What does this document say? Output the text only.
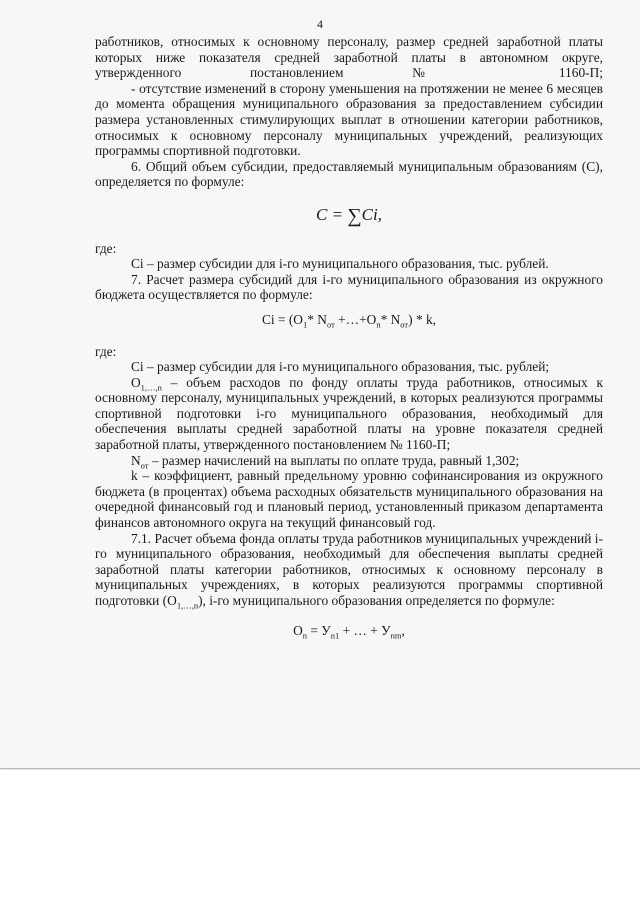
4

работников, относимых к основному персоналу, размер средней заработной платы которых ниже показателя средней заработной платы в автономном округе, утвержденного постановлением № 1160-П;

- отсутствие изменений в сторону уменьшения на протяжении не менее 6 месяцев до момента обращения муниципального образования за предоставлением субсидии размера установленных стимулирующих выплат в отношении категории работников, относимых к основному персоналу муниципальных учреждений, реализующих программы спортивной подготовки.

6. Общий объем субсидии, предоставляемый муниципальным образованиям (С), определяется по формуле:

C = ∑Ci,

где:

Ci – размер субсидии для i-го муниципального образования, тыс. рублей.

7. Расчет размера субсидий для i-го муниципального образования из окружного бюджета осуществляется по формуле:

$Ci = (O_1*$ $N_{от}$ $+\dots+O_n*$ $N_{от}$) * k,

где:

Ci – размер субсидии для i-го муниципального образования, тыс. рублей;

$O_{1,\dots,n}$ – объем расходов по фонду оплаты труда работников, относимых к основному персоналу, муниципальных учреждений, в которых реализуются программы спортивной подготовки i-го муниципального образования, необходимый для обеспечения выплаты средней заработной платы на уровне показателя средней заработной платы, утвержденного постановлением № 1160-П;

$N_{от}$ – размер начислений на выплаты по оплате труда, равный 1,302;

k – коэффициент, равный предельному уровню софинансирования из окружного бюджета (в процентах) объема расходных обязательств муниципального образования на очередной финансовый год и плановый период, установленный приказом департамента финансов автономного округа на текущий финансовый год.

7.1. Расчет объема фонда оплаты труда работников муниципальных учреждений i-го муниципального образования, необходимый для обеспечения выплаты средней заработной платы категории работников, относимых к основному персоналу в муниципальных учреждениях, в которых реализуются программы спортивной подготовки $(O_{1,\dots,n})$, i-го муниципального образования определяется по формуле:

$O_n = У_{n1}$ + … + $У_{nm}$,
